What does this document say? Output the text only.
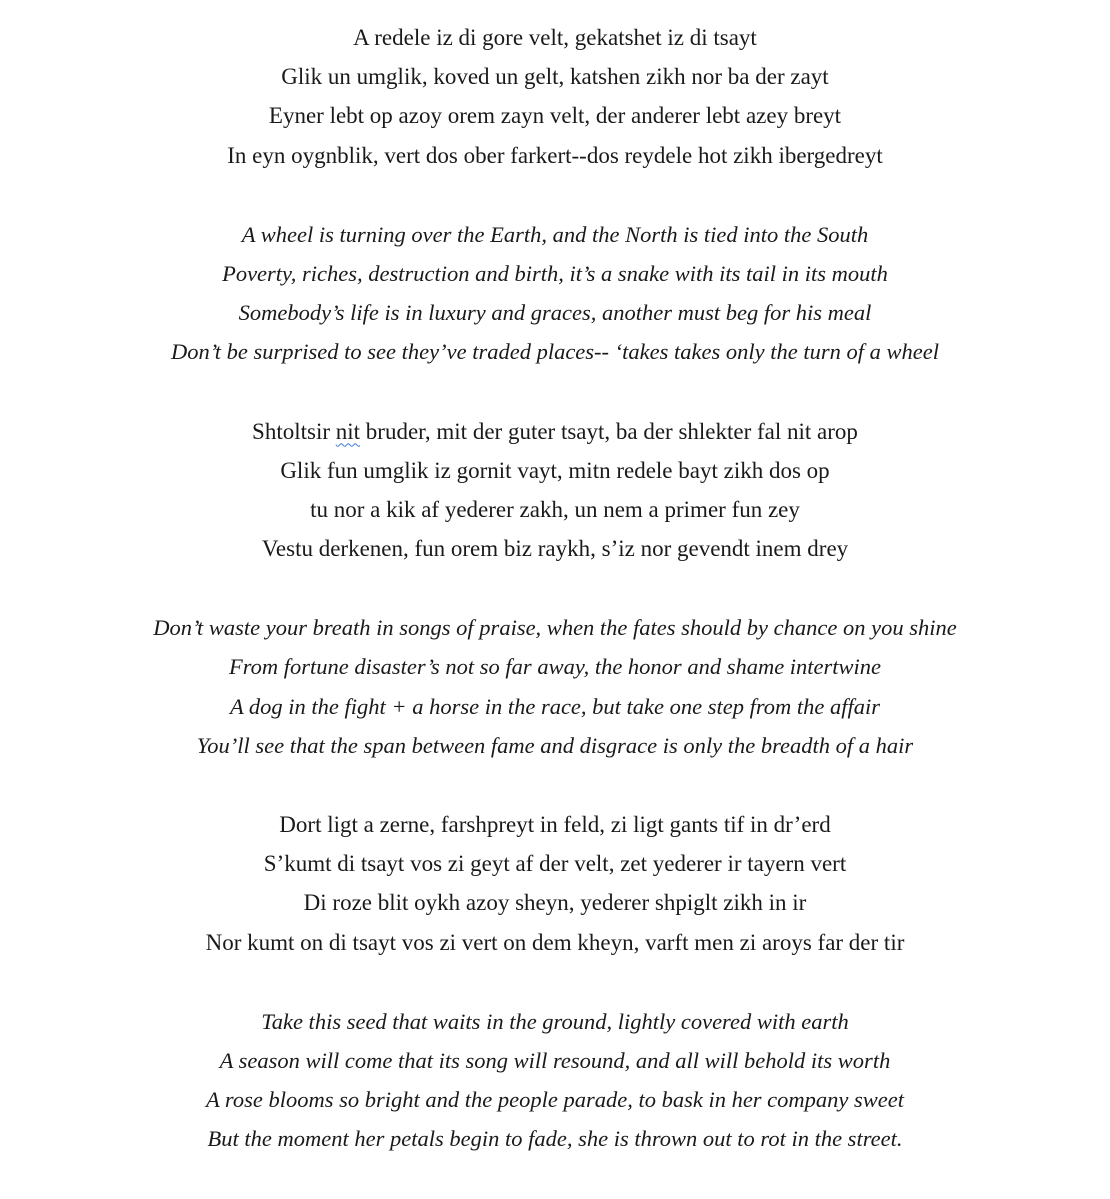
A redele iz di gore velt, gekatshet iz di tsayt
Glik un umglik, koved un gelt, katshen zikh nor ba der zayt
Eyner lebt op azoy orem zayn velt, der anderer lebt azey breyt
In eyn oygnblik, vert dos ober farkert--dos reydele hot zikh ibergedreyt
A wheel is turning over the Earth, and the North is tied into the South
Poverty, riches, destruction and birth, it’s a snake with its tail in its mouth
Somebody’s life is in luxury and graces, another must beg for his meal
Don’t be surprised to see they’ve traded places-- ‘takes takes only the turn of a wheel
Shtoltsir nit bruder, mit der guter tsayt, ba der shlekter fal nit arop
Glik fun umglik iz gornit vayt, mitn redele bayt zikh dos op
tu nor a kik af yederer zakh, un nem a primer fun zey
Vestu derkenen, fun orem biz raykh, s’iz nor gevendt inem drey
Don’t waste your breath in songs of praise, when the fates should by chance on you shine
From fortune disaster’s not so far away, the honor and shame intertwine
A dog in the fight + a horse in the race, but take one step from the affair
You’ll see that the span between fame and disgrace is only the breadth of a hair
Dort ligt a zerne, farshpreyt in feld, zi ligt gants tif in dr’erd
S’kumt di tsayt vos zi geyt af der velt, zet yederer ir tayern vert
Di roze blit oykh azoy sheyn, yederer shpiglt zikh in ir
Nor kumt on di tsayt vos zi vert on dem kheyn, varft men zi aroys far der tir
Take this seed that waits in the ground, lightly covered with earth
A season will come that its song will resound, and all will behold its worth
A rose blooms so bright and the people parade, to bask in her company sweet
But the moment her petals begin to fade, she is thrown out to rot in the street.
